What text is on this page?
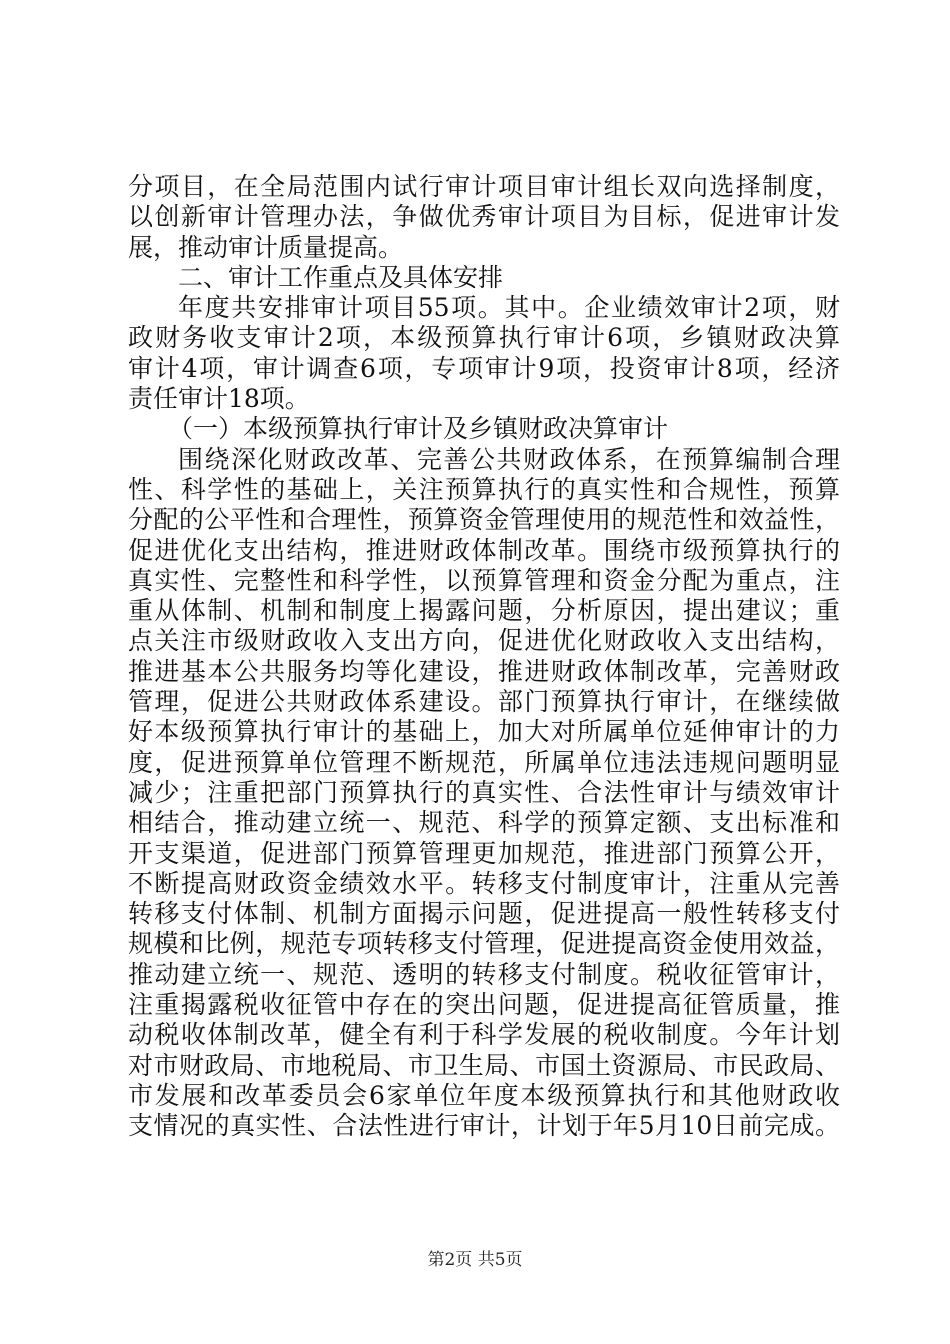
分项目，在全局范围内试行审计项目审计组长双向选择制度，
以创新审计管理办法，争做优秀审计项目为目标，促进审计发
展，推动审计质量提高。
二、审计工作重点及具体安排
年度共安排审计项目55项。其中。企业绩效审计2项，财
政财务收支审计2项，本级预算执行审计6项，乡镇财政决算
审计4项，审计调查6项，专项审计9项，投资审计8项，经济
责任审计18项。
（一）本级预算执行审计及乡镇财政决算审计
围绕深化财政改革、完善公共财政体系，在预算编制合理
性、科学性的基础上，关注预算执行的真实性和合规性，预算
分配的公平性和合理性，预算资金管理使用的规范性和效益性，
促进优化支出结构，推进财政体制改革。围绕市级预算执行的
真实性、完整性和科学性，以预算管理和资金分配为重点，注
重从体制、机制和制度上揭露问题，分析原因，提出建议；重
点关注市级财政收入支出方向，促进优化财政收入支出结构，
推进基本公共服务均等化建设，推进财政体制改革，完善财政
管理，促进公共财政体系建设。部门预算执行审计，在继续做
好本级预算执行审计的基础上，加大对所属单位延伸审计的力
度，促进预算单位管理不断规范，所属单位违法违规问题明显
减少；注重把部门预算执行的真实性、合法性审计与绩效审计
相结合，推动建立统一、规范、科学的预算定额、支出标准和
开支渠道，促进部门预算管理更加规范，推进部门预算公开，
不断提高财政资金绩效水平。转移支付制度审计，注重从完善
转移支付体制、机制方面揭示问题，促进提高一般性转移支付
规模和比例，规范专项转移支付管理，促进提高资金使用效益，
推动建立统一、规范、透明的转移支付制度。税收征管审计，
注重揭露税收征管中存在的突出问题，促进提高征管质量，推
动税收体制改革，健全有利于科学发展的税收制度。今年计划
对市财政局、市地税局、市卫生局、市国土资源局、市民政局、
市发展和改革委员会6家单位年度本级预算执行和其他财政收
支情况的真实性、合法性进行审计，计划于年5月10日前完成。
第2页 共5页
